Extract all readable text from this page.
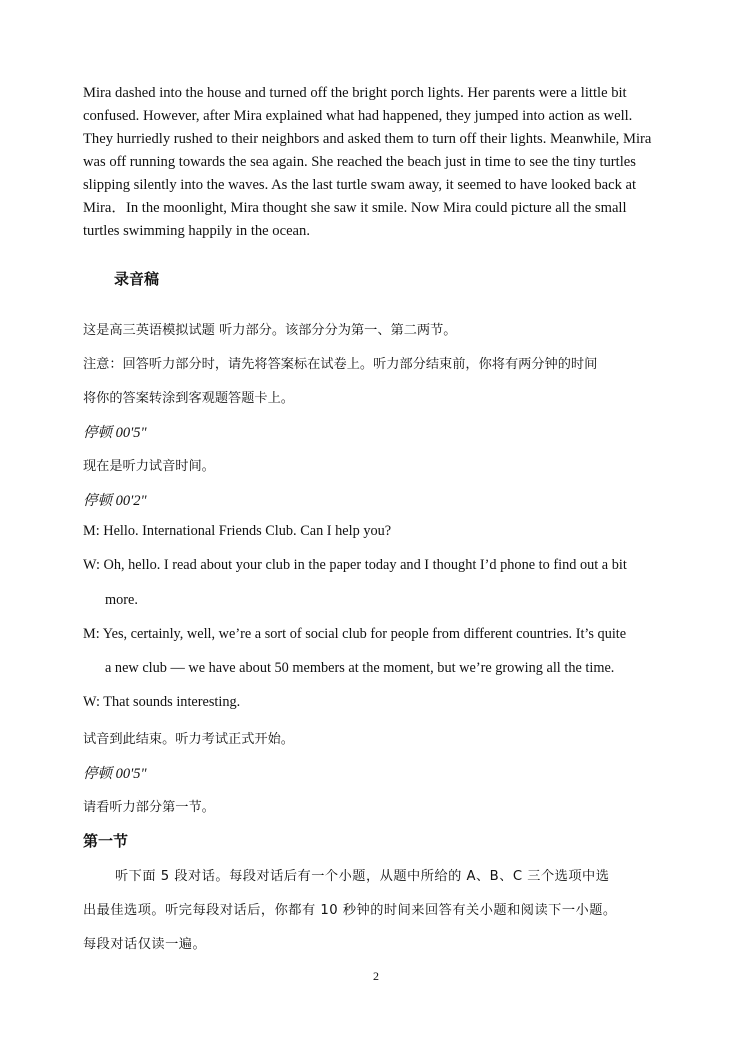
Mira dashed into the house and turned off the bright porch lights. Her parents were a little bit
confused. However, after Mira explained what had happened, they jumped into action as well.
They hurriedly rushed to their neighbors and asked them to turn off their lights. Meanwhile, Mira
was off running towards the sea again. She reached the beach just in time to see the tiny turtles
slipping silently into the waves. As the last turtle swam away, it seemed to have looked back at
Mira．In the moonlight, Mira thought she saw it smile. Now Mira could picture all the small
turtles swimming happily in the ocean.
录音稿
这是高三英语模拟试题 听力部分。该部分分为第一、第二两节。
注意：回答听力部分时，请先将答案标在试卷上。听力部分结束前，你将有两分钟的时间
将你的答案转涂到客观题答题卡上。
停顿 00'5"
现在是听力试音时间。
停顿 00'2"
M: Hello. International Friends Club. Can I help you?
W: Oh, hello. I read about your club in the paper today and I thought I’d phone to find out a bit
more.
M: Yes, certainly, well, we’re a sort of social club for people from different countries. It’s quite
a new club — we have about 50 members at the moment, but we’re growing all the time.
W: That sounds interesting.
试音到此结束。听力考试正式开始。
停顿 00'5"
请看听力部分第一节。
第一节
听下面 5 段对话。每段对话后有一个小题，从题中所给的 A、B、C 三个选项中选
出最佳选项。听完每段对话后，你都有 10 秒钟的时间来回答有关小题和阅读下一小题。
每段对话仅读一遍。
2
